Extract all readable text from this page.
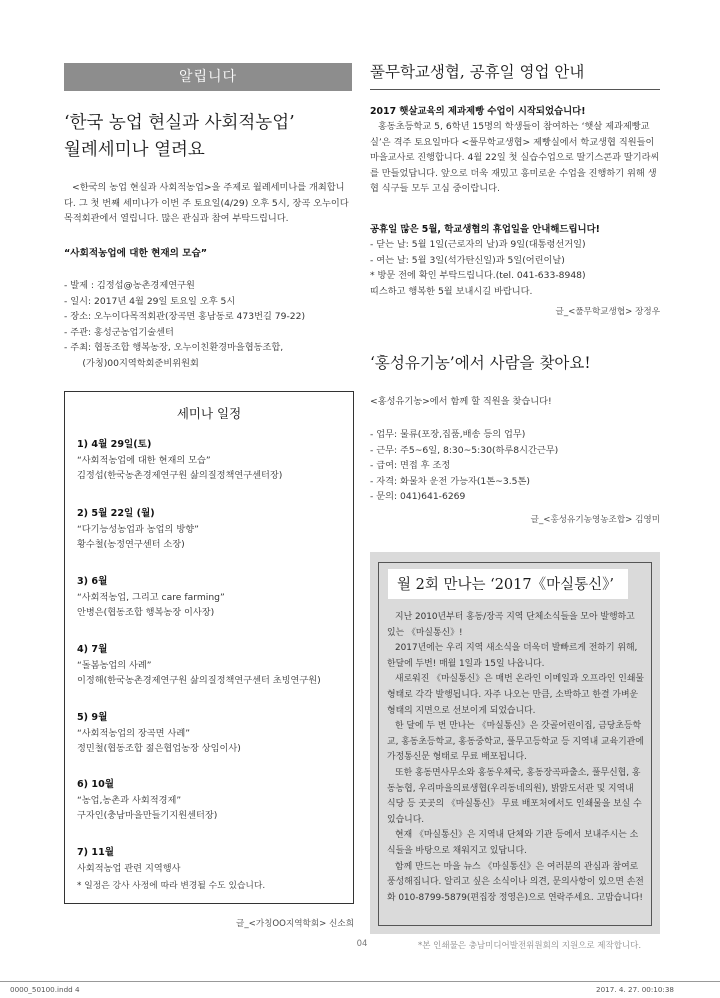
알립니다
‘한국 농업 현실과 사회적농업’
월례세미나 열려요
<한국의 농업 현실과 사회적농업>을 주제로 월례세미나를 개최합니다. 그 첫 번째 세미나가 이번 주 토요일(4/29) 오후 5시, 장곡 오누이다목적회관에서 열립니다. 많은 관심과 참여 부탁드립니다.
“사회적농업에 대한 현재의 모습”
- 발제 : 김정섭@농촌경제연구원
- 일시: 2017년 4월 29일 토요일 오후 5시
- 장소: 오누이다목적회관(장곡면 홍남동로 473번길 79-22)
- 주관: 홍성군농업기술센터
- 주최: 협동조합 행복농장, 오누이친환경마을협동조합,
　　(가칭)00지역학회준비위원회
세미나 일정
1) 4월 29일(토)
“사회적농업에 대한 현재의 모습”
김정섭(한국농촌경제연구원 삶의질정책연구센터장)
2) 5월 22일 (월)
“다기능성농업과 농업의 방향”
황수철(농정연구센터 소장)
3) 6월
“사회적농업, 그리고 care farming”
안병은(협동조합 행복농장 이사장)
4) 7월
“돌봄농업의 사례”
이정해(한국농촌경제연구원 삶의질정책연구센터 초빙연구원)
5) 9월
“사회적농업의 장곡면 사례”
정민철(협동조합 젊은협업농장 상임이사)
6) 10월
“농업,농촌과 사회적경제”
구자인(충남마을만들기지원센터장)
7) 11월
사회적농업 관련 지역행사
* 일정은 강사 사정에 따라 변경될 수도 있습니다.
글_<가칭OO지역학회> 신소희
풀무학교생협, 공휴일 영업 안내
2017 햇살교육의 제과제빵 수업이 시작되었습니다!
홍동초등학교 5, 6학년 15명의 학생들이 참여하는 ‘햇살 제과제빵교실’은 격주 토요일마다 <풀무학교생협> 제빵실에서 학교생협 직원들이 마을교사로 진행합니다. 4월 22일 첫 실습수업으로 딸기스콘과 딸기라씨를 만들었답니다. 앞으로 더욱 재밌고 흥미로운 수업을 진행하기 위해 생협 식구들 모두 고심 중이랍니다.
공휴일 많은 5월, 학교생협의 휴업일을 안내해드립니다!
- 닫는 날: 5월 1일(근로자의 날)과 9일(대통령선거일)
- 여는 날: 5월 3일(석가탄신일)과 5일(어린이날)
* 방문 전에 확인 부탁드립니다.(tel. 041-633-8948)
띠스하고 행복한 5월 보내시길 바랍니다.
글_<풀무학교생협> 장정우
‘홍성유기농’에서 사람을 찾아요!
<홍성유기농>에서 함께 할 직원을 찾습니다!
- 업무: 물류(포장,집품,배송 등의 업무)
- 근무: 주5~6일, 8:30~5:30(하루8시간근무)
- 급여: 면접 후 조정
- 자격: 화물차 운전 가능자(1톤~3.5톤)
- 문의: 041)641-6269
글_<홍성유기농영농조합> 김영미
월 2회 만나는 ‘2017《마실통신》’

지난 2010년부터 홍동/장곡 지역 단체소식들을 모아 발행하고 있는 《마실통신》!

2017년에는 우리 지역 새소식을 더욱더 발빠르게 전하기 위해, 한달에 두번! 매월 1일과 15일 나옵니다.

새로워진 《마실통신》은 매번 온라인 이메일과 오프라인 인쇄물 형태로 각각 발행됩니다. 자주 나오는 만큼, 소박하고 한결 가벼운 형태의 지면으로 선보이게 되었습니다.

한 달에 두 번 만나는 《마실통신》은 갓골어린이집, 금당초등학교, 홍동초등학교, 홍동중학교, 풀무고등학교 등 지역내 교육기관에 가정통신문 형태로 무료 배포됩니다.

또한 홍동면사무소와 홍동우체국, 홍동장곡파출소, 풀무신협, 홍동농협, 우리마을의료생협(우리동네의원), 밝맑도서관 및 지역내 식당 등 곳곳의 《마실통신》 무료 배포처에서도 인쇄물을 보실 수 있습니다.

현재 《마실통신》은 지역내 단체와 기관 등에서 보내주시는 소식들을 바탕으로 채워지고 있답니다.

함께 만드는 마을 뉴스 《마실통신》은 여러분의 관심과 참여로 풍성해집니다. 알리고 싶은 소식이나 의견, 문의사항이 있으면 손전화 010-8799-5879(편집장 정영은)으로 연락주세요. 고맙습니다!

04	*본 인쇄물은 충남미디어발전위원회의 지원으로 제작합니다.
0000_50100.indd 4	2017. 4. 27. 00:10:38
